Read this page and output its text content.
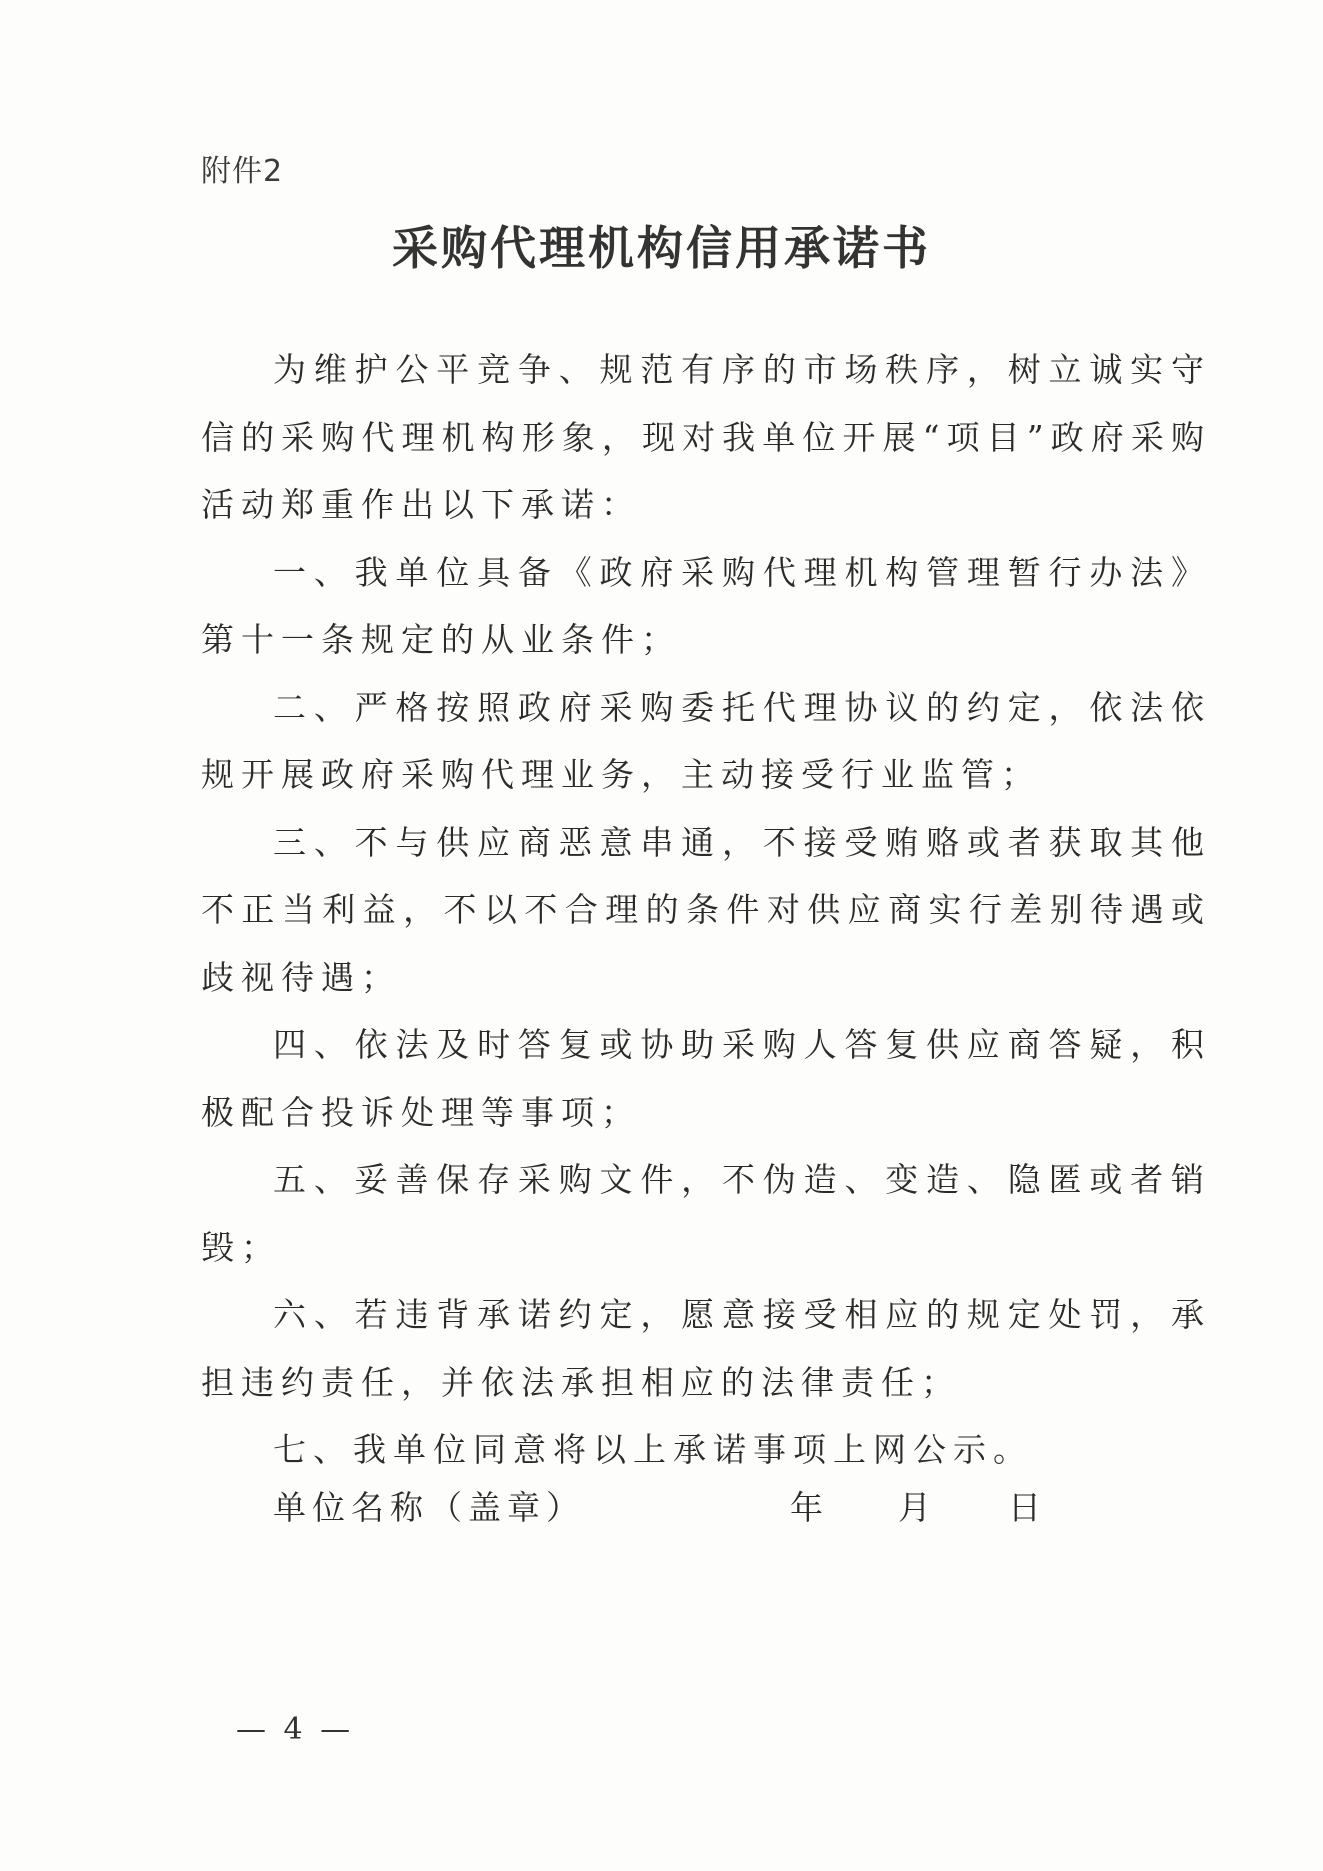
附件2
采购代理机构信用承诺书

为维护公平竞争、规范有序的市场秩序，树立诚实守信的采购代理机构形象，现对我单位开展“项目”政府采购活动郑重作出以下承诺：

一、我单位具备《政府采购代理机构管理暂行办法》第十一条规定的从业条件；

二、严格按照政府采购委托代理协议的约定，依法依规开展政府采购代理业务，主动接受行业监管；

三、不与供应商恶意串通，不接受贿赂或者获取其他不正当利益，不以不合理的条件对供应商实行差别待遇或歧视待遇；

四、依法及时答复或协助采购人答复供应商答疑，积极配合投诉处理等事项；

五、妥善保存采购文件，不伪造、变造、隐匿或者销毁；

六、若违背承诺约定，愿意接受相应的规定处罚，承担违约责任，并依法承担相应的法律责任；

七、我单位同意将以上承诺事项上网公示。

单位名称（盖章）	年 月 日
— 4 —
